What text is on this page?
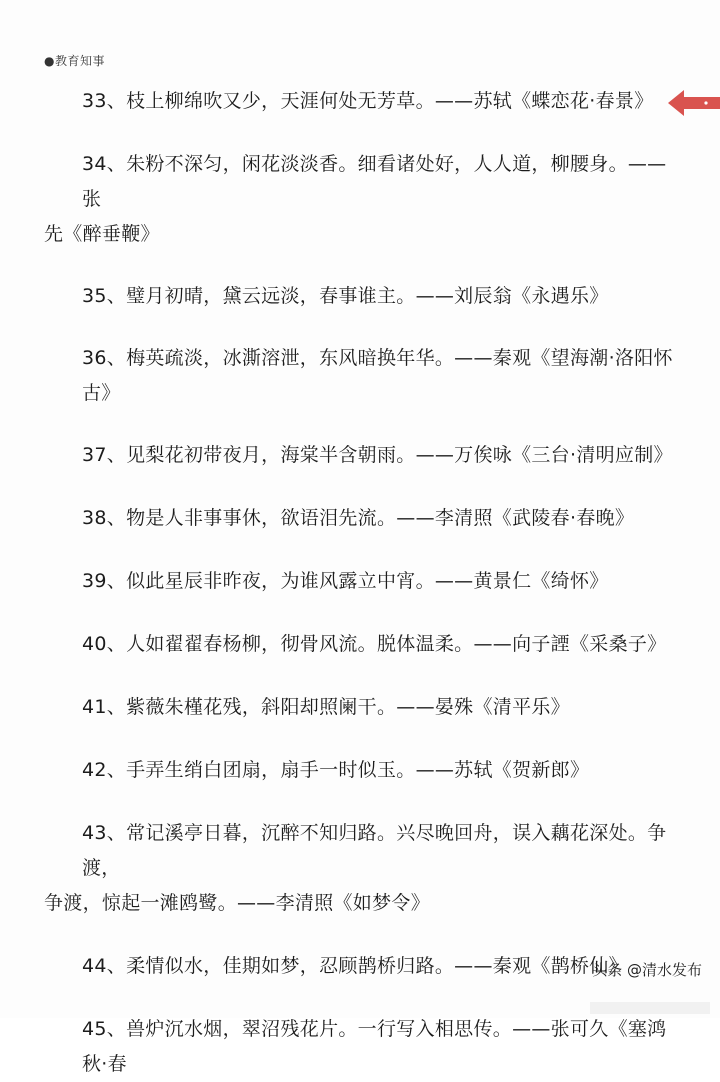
●教育知事
33、枝上柳绵吹又少，天涯何处无芳草。——苏轼《蝶恋花·春景》
34、朱粉不深匀，闲花淡淡香。细看诸处好，人人道，柳腰身。——张
先《醉垂鞭》
35、璧月初晴，黛云远淡，春事谁主。——刘辰翁《永遇乐》
36、梅英疏淡，冰澌溶泄，东风暗换年华。——秦观《望海潮·洛阳怀古》
37、见梨花初带夜月，海棠半含朝雨。——万俟咏《三台·清明应制》
38、物是人非事事休，欲语泪先流。——李清照《武陵春·春晚》
39、似此星辰非昨夜，为谁风露立中宵。——黄景仁《绮怀》
40、人如翟翟春杨柳，彻骨风流。脱体温柔。——向子諲《采桑子》
41、紫薇朱槿花残，斜阳却照阑干。——晏殊《清平乐》
42、手弄生绡白团扇，扇手一时似玉。——苏轼《贺新郎》
43、常记溪亭日暮，沉醉不知归路。兴尽晚回舟，误入藕花深处。争渡，
争渡，惊起一滩鸥鹭。——李清照《如梦令》
44、柔情似水，佳期如梦，忍顾鹊桥归路。——秦观《鹊桥仙》
45、兽炉沉水烟，翠沼残花片。一行写入相思传。——张可久《塞鸿秋·春
头条 @清水发布
